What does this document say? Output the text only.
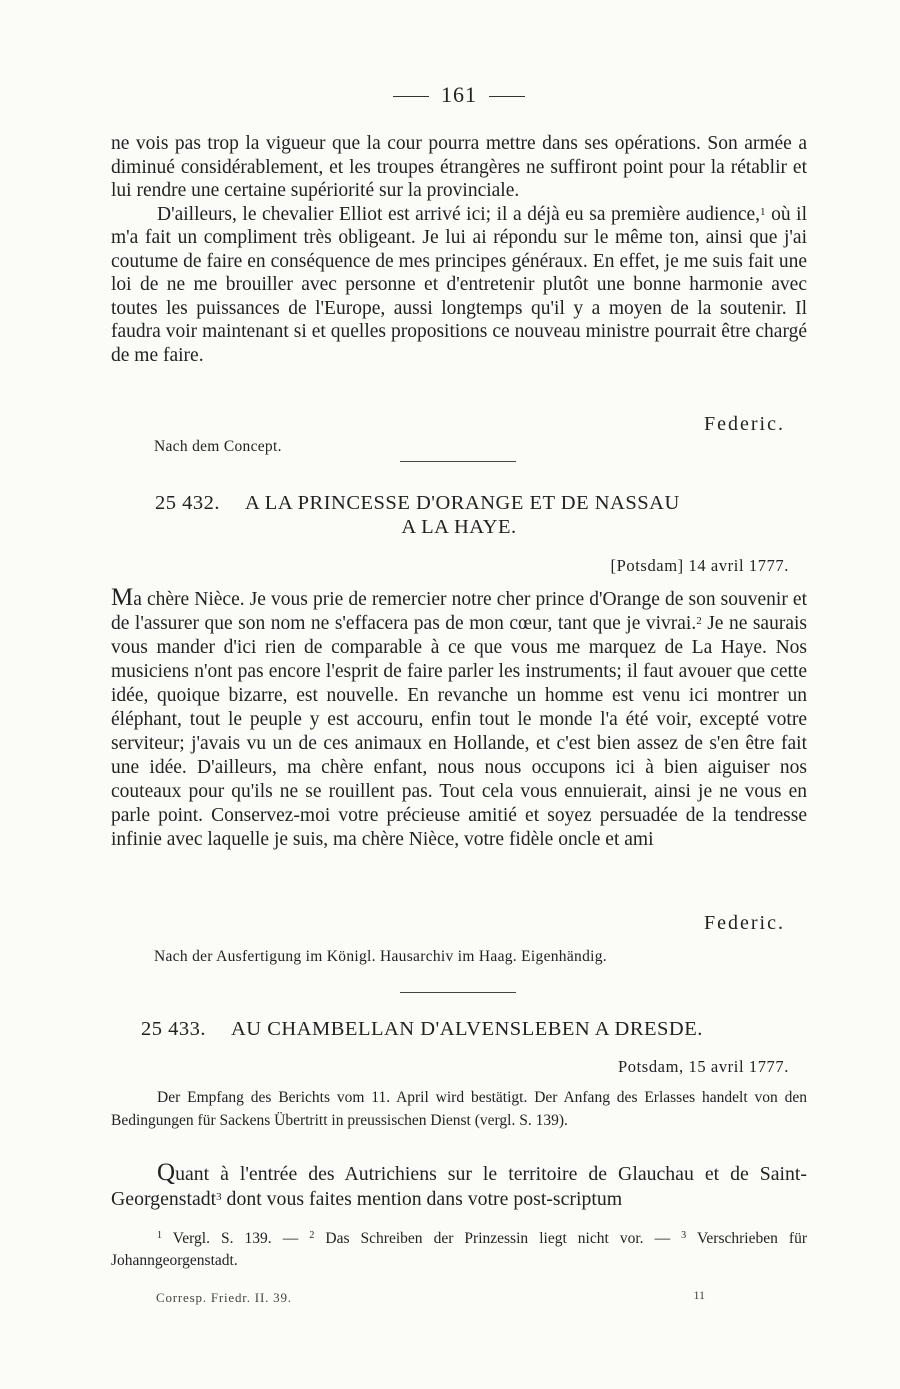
161

ne vois pas trop la vigueur que la cour pourra mettre dans ses opérations. Son armée a diminué considérablement, et les troupes étrangères ne suffiront point pour la rétablir et lui rendre une certaine supériorité sur la provinciale.

D'ailleurs, le chevalier Elliot est arrivé ici; il a déjà eu sa première audience,$^1$ où il m'a fait un compliment très obligeant. Je lui ai répondu sur le même ton, ainsi que j'ai coutume de faire en conséquence de mes principes généraux. En effet, je me suis fait une loi de ne me brouiller avec personne et d'entretenir plutôt une bonne harmonie avec toutes les puissances de l'Europe, aussi longtemps qu'il y a moyen de la soutenir. Il faudra voir maintenant si et quelles propositions ce nouveau ministre pourrait être chargé de me faire.

Federic.
Nach dem Concept.
25 432. A LA PRINCESSE D'ORANGE ET DE NASSAU
A LA HAYE.
[Potsdam] 14 avril 1777.

Ma chère Nièce. Je vous prie de remercier notre cher prince d'Orange de son souvenir et de l'assurer que son nom ne s'effacera pas de mon cœur, tant que je vivrai.$^2$ Je ne saurais vous mander d'ici rien de comparable à ce que vous me marquez de La Haye. Nos musiciens n'ont pas encore l'esprit de faire parler les instruments; il faut avouer que cette idée, quoique bizarre, est nouvelle. En revanche un homme est venu ici montrer un éléphant, tout le peuple y est accouru, enfin tout le monde l'a été voir, excepté votre serviteur; j'avais vu un de ces animaux en Hollande, et c'est bien assez de s'en être fait une idée. D'ailleurs, ma chère enfant, nous nous occupons ici à bien aiguiser nos couteaux pour qu'ils ne se rouillent pas. Tout cela vous ennuierait, ainsi je ne vous en parle point. Conservez-moi votre précieuse amitié et soyez persuadée de la tendresse infinie avec laquelle je suis, ma chère Nièce, votre fidèle oncle et ami

Federic.
Nach der Ausfertigung im Königl. Hausarchiv im Haag. Eigenhändig.
25 433. AU CHAMBELLAN D'ALVENSLEBEN A DRESDE.
Potsdam, 15 avril 1777.

Der Empfang des Berichts vom 11. April wird bestätigt. Der Anfang des Erlasses handelt von den Bedingungen für Sackens Übertritt in preussischen Dienst (vergl. S. 139).

Quant à l'entrée des Autrichiens sur le territoire de Glauchau et de Saint-Georgenstadt$^3$ dont vous faites mention dans votre post-scriptum

$^1$ Vergl. S. 139. — $^2$ Das Schreiben der Prinzessin liegt nicht vor. — $^3$ Verschrieben für Johanngeorgenstadt.

Corresp. Friedr. II. 39.	11
